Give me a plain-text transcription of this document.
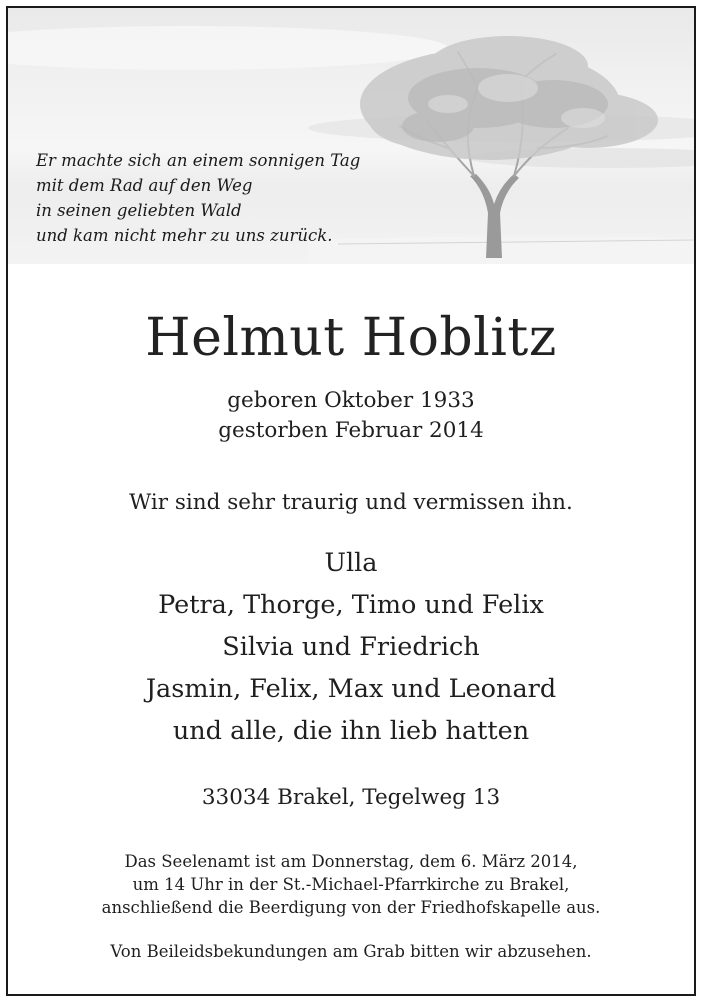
Er machte sich an einem sonnigen Tag
mit dem Rad auf den Weg
in seinen geliebten Wald
und kam nicht mehr zu uns zurück.
Helmut Hoblitz
geboren Oktober 1933
gestorben Februar 2014
Wir sind sehr traurig und vermissen ihn.
Ulla
Petra, Thorge, Timo und Felix
Silvia und Friedrich
Jasmin, Felix, Max und Leonard
und alle, die ihn lieb hatten
33034 Brakel, Tegelweg 13
Das Seelenamt ist am Donnerstag, dem 6. März 2014,
um 14 Uhr in der St.-Michael-Pfarrkirche zu Brakel,
anschließend die Beerdigung von der Friedhofskapelle aus.
Von Beileidsbekundungen am Grab bitten wir abzusehen.
